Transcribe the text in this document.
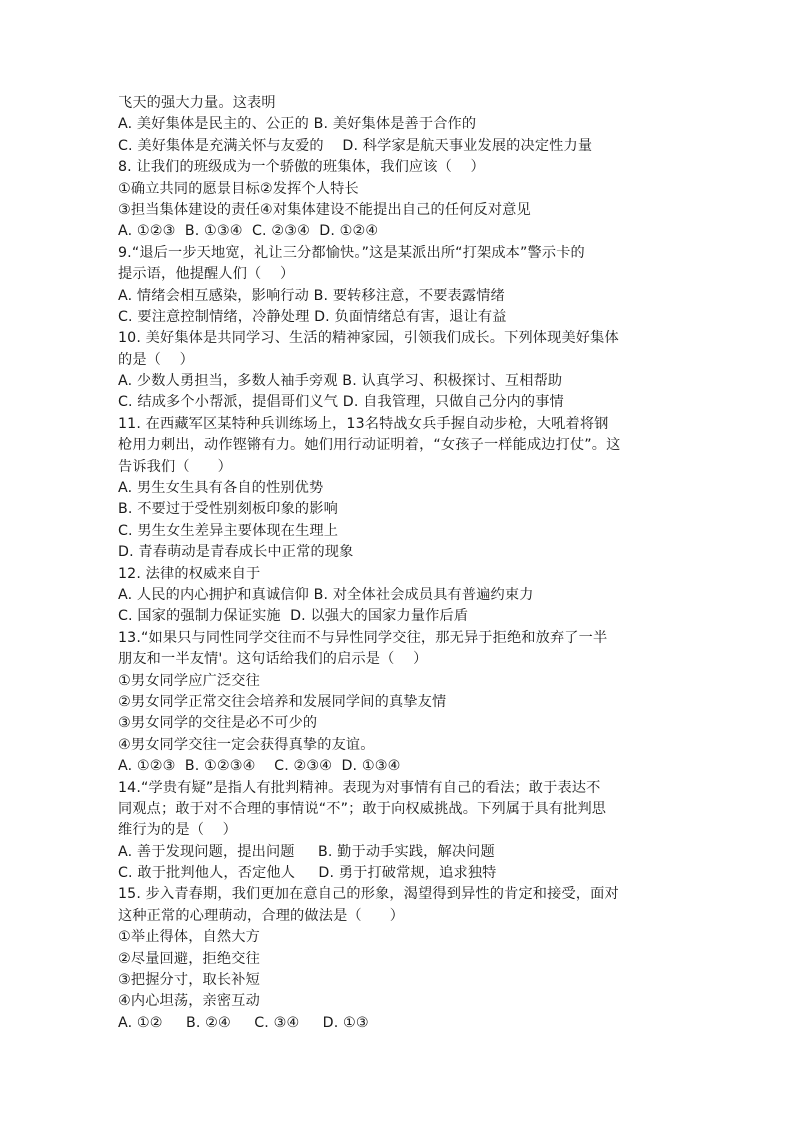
飞天的强大力量。这表明
A. 美好集体是民主的、公正的 B. 美好集体是善于合作的
C. 美好集体是充满关怀与友爱的    D. 科学家是航天事业发展的决定性力量
8. 让我们的班级成为一个骄傲的班集体，我们应该（    ）
①确立共同的愿景目标②发挥个人特长
③担当集体建设的责任④对集体建设不能提出自己的任何反对意见
A. ①②③  B. ①③④  C. ②③④  D. ①②④
9.“退后一步天地宽，礼让三分都愉快。”这是某派出所“打架成本”警示卡的
提示语，他提醒人们（    ）
A. 情绪会相互感染，影响行动 B. 要转移注意，不要表露情绪
C. 要注意控制情绪，冷静处理 D. 负面情绪总有害，退让有益
10. 美好集体是共同学习、生活的精神家园，引领我们成长。下列体现美好集体
的是（    ）
A. 少数人勇担当，多数人袖手旁观 B. 认真学习、积极探讨、互相帮助
C. 结成多个小帮派，提倡哥们义气 D. 自我管理，只做自己分内的事情
11. 在西藏军区某特种兵训练场上，13名特战女兵手握自动步枪，大吼着将钢
枪用力刺出，动作铿锵有力。她们用行动证明着，“女孩子一样能成边打仗”。这
告诉我们（      ）
A. 男生女生具有各自的性别优势
B. 不要过于受性别刻板印象的影响
C. 男生女生差异主要体现在生理上
D. 青春萌动是青春成长中正常的现象
12. 法律的权威来自于
A. 人民的内心拥护和真诚信仰 B. 对全体社会成员具有普遍约束力
C. 国家的强制力保证实施  D. 以强大的国家力量作后盾
13.“如果只与同性同学交往而不与异性同学交往，那无异于拒绝和放弃了一半
朋友和一半友情'。这句话给我们的启示是（    ）
①男女同学应广泛交往
②男女同学正常交往会培养和发展同学间的真挚友情
③男女同学的交往是必不可少的
④男女同学交往一定会获得真挚的友谊。
A. ①②③  B. ①②③④    C. ②③④  D. ①③④
14.“学贵有疑”是指人有批判精神。表现为对事情有自己的看法；敢于表达不
同观点；敢于对不合理的事情说“不”；敢于向权威挑战。下列属于具有批判思
维行为的是（    ）
A. 善于发现问题，提出问题     B. 勤于动手实践，解决问题
C. 敢于批判他人，否定他人     D. 勇于打破常规，追求独特
15. 步入青春期，我们更加在意自己的形象，渴望得到异性的肯定和接受，面对
这种正常的心理萌动，合理的做法是（      ）
①举止得体，自然大方
②尽量回避，拒绝交往
③把握分寸，取长补短
④内心坦荡，亲密互动
A. ①②     B. ②④     C. ③④     D. ①③
